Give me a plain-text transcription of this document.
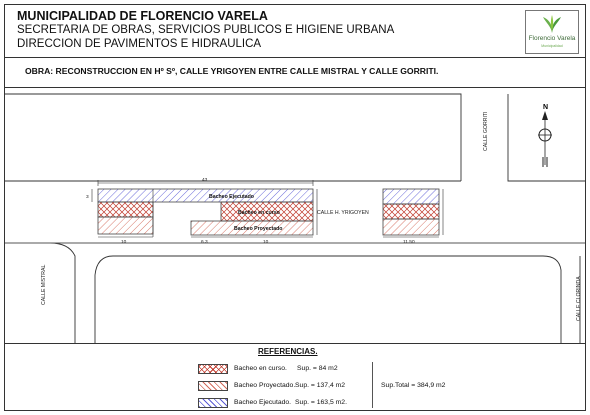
MUNICIPALIDAD DE FLORENCIO VARELA
SECRETARIA DE OBRAS, SERVICIOS PUBLICOS E HIGIENE URBANA
DIRECCION DE PAVIMENTOS E HIDRAULICA	Florencio Varela
Municipalidad
OBRA: RECONSTRUCCION EN Hº Sº, CALLE YRIGOYEN ENTRE CALLE MISTRAL Y CALLE GORRITI.
CALLE H. YRIGOYEN
CALLE GORRITI
CALLE MISTRAL	CALLE CLORINDA
N
Bacheo Ejecutado
Bacheo en curso
Bacheo Proyectado
43
3
10	6.3	10	11.50
REFERENCIAS.
Bacheo en curso. Sup. = 84 m2
Bacheo Proyectado. Sup. = 137,4 m2
Bacheo Ejecutado. Sup. = 163,5 m2.
Sup.Total = 384,9 m2
